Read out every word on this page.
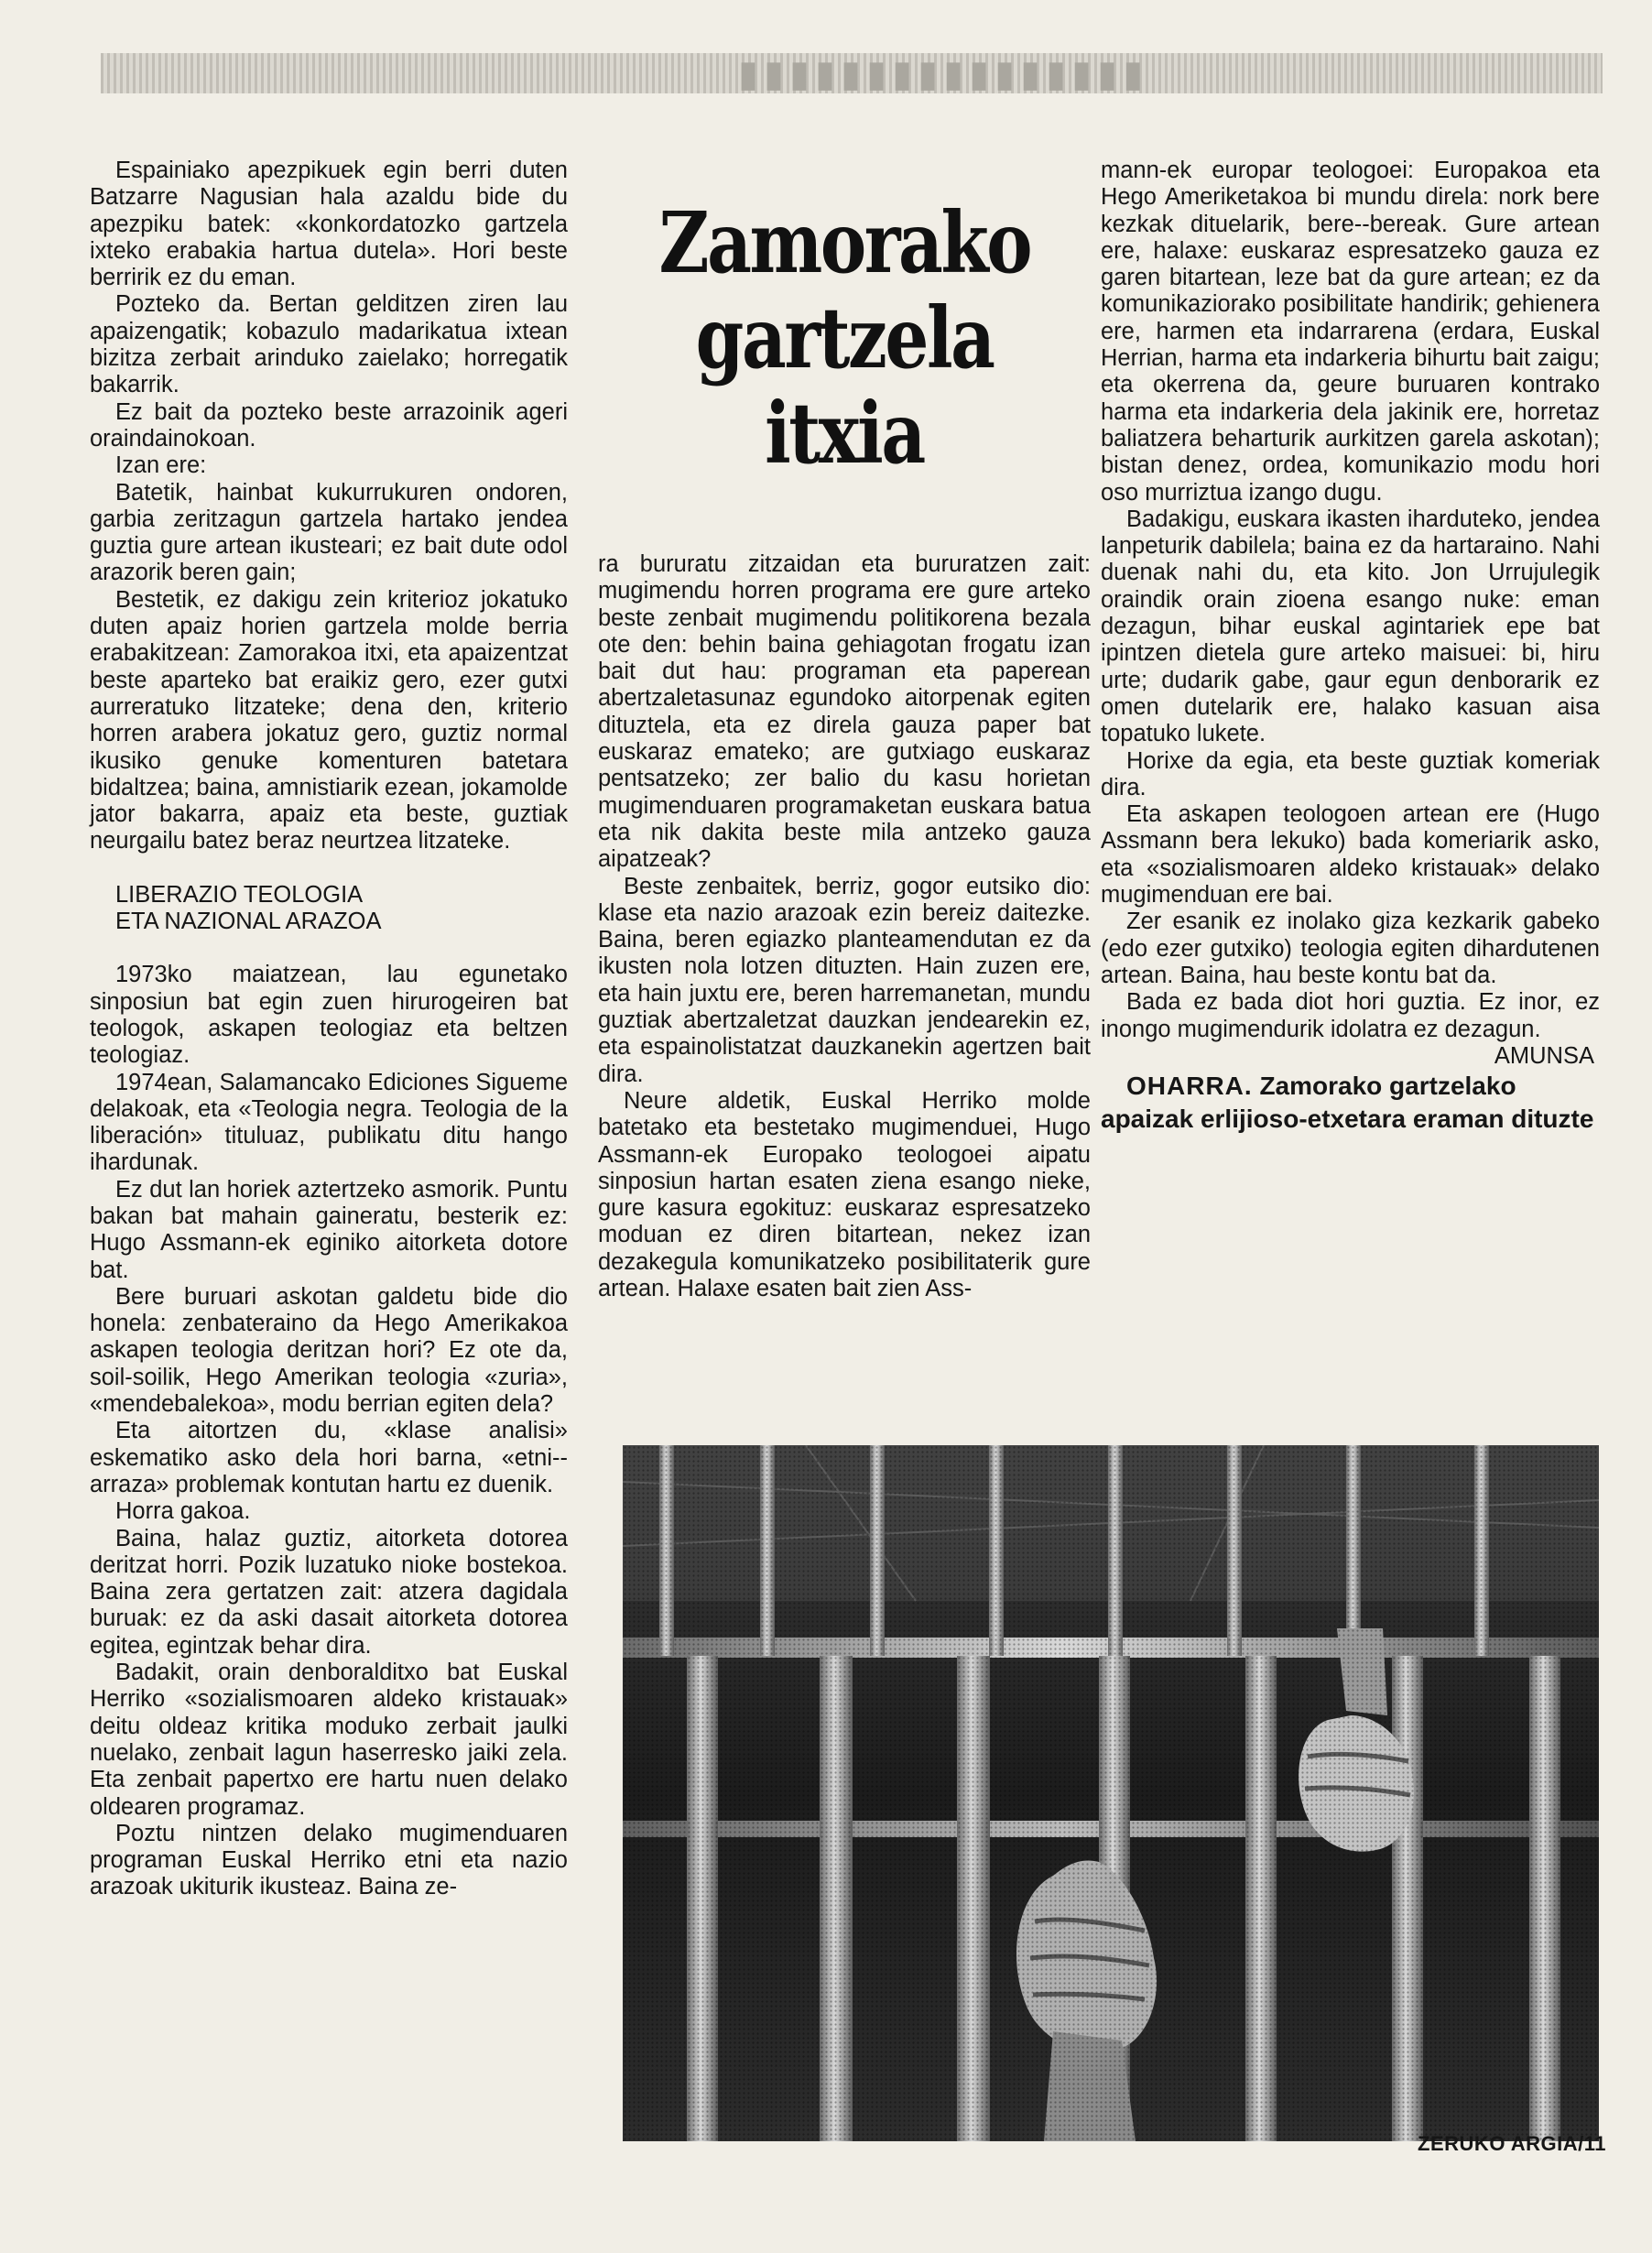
▮▮▮▮▮▮▮▮▮▮▮▮▮▮▮▮

Espainiako apezpikuek egin berri duten Batzarre Nagusian hala azaldu bide du apezpiku batek: «konkordatozko gartzela ixteko erabakia hartua dutela». Hori beste berririk ez du eman.

Pozteko da. Bertan gelditzen ziren lau apaizengatik; kobazulo madarikatua ixtean bizitza zerbait arinduko zaielako; horregatik bakarrik.

Ez bait da pozteko beste arrazoinik ageri oraindainokoan.

Izan ere:

Batetik, hainbat kukurrukuren ondoren, garbia zeritzagun gartzela hartako jendea guztia gure artean ikusteari; ez bait dute odol arazorik beren gain;

Bestetik, ez dakigu zein kriterioz jokatuko duten apaiz horien gartzela molde berria erabakitzean: Zamorakoa itxi, eta apaizentzat beste aparteko bat eraikiz gero, ezer gutxi aurreratuko litzateke; dena den, kriterio horren arabera jokatuz gero, guztiz normal ikusiko genuke komenturen batetara bidaltzea; baina, amnistiarik ezean, jokamolde jator bakarra, apaiz eta beste, guztiak neurgailu batez beraz neurtzea litzateke.

LIBERAZIO TEOLOGIA

ETA NAZIONAL ARAZOA

1973ko maiatzean, lau egunetako sinposiun bat egin zuen hirurogeiren bat teologok, askapen teologiaz eta beltzen teologiaz.

1974ean, Salamancako Ediciones Sigueme delakoak, eta «Teologia negra. Teologia de la liberación» tituluaz, publikatu ditu hango ihardunak.

Ez dut lan horiek aztertzeko asmorik. Puntu bakan bat mahain gaineratu, besterik ez: Hugo Assmann-ek eginiko aitorketa dotore bat.

Bere buruari askotan galdetu bide dio honela: zenbateraino da Hego Amerikakoa askapen teologia deritzan hori? Ez ote da, soil-soilik, Hego Amerikan teologia «zuria», «mendebalekoa», modu berrian egiten dela?

Eta aitortzen du, «klase analisi» eskematiko asko dela hori barna, «etni--arraza» problemak kontutan hartu ez duenik.

Horra gakoa.

Baina, halaz guztiz, aitorketa dotorea deritzat horri. Pozik luzatuko nioke bostekoa. Baina zera gertatzen zait: atzera dagidala buruak: ez da aski dasait aitorketa dotorea egitea, egintzak behar dira.

Badakit, orain denboralditxo bat Euskal Herriko «sozialismoaren aldeko kristauak» deitu oldeaz kritika moduko zerbait jaulki nuelako, zenbait lagun haserresko jaiki zela. Eta zenbait papertxo ere hartu nuen delako oldearen programaz.

Poztu nintzen delako mugimenduaren programan Euskal Herriko etni eta nazio arazoak ukiturik ikusteaz. Baina ze-

Zamorako
gartzela
itxia

ra bururatu zitzaidan eta bururatzen zait: mugimendu horren programa ere gure arteko beste zenbait mugimendu politikorena bezala ote den: behin baina gehiagotan frogatu izan bait dut hau: programan eta paperean abertzaletasunaz egundoko aitorpenak egiten dituztela, eta ez direla gauza paper bat euskaraz emateko; are gutxiago euskaraz pentsatzeko; zer balio du kasu horietan mugimenduaren programaketan euskara batua eta nik dakita beste mila antzeko gauza aipatzeak?

Beste zenbaitek, berriz, gogor eutsiko dio: klase eta nazio arazoak ezin bereiz daitezke. Baina, beren egiazko planteamendutan ez da ikusten nola lotzen dituzten. Hain zuzen ere, eta hain juxtu ere, beren harremanetan, mundu guztiak abertzaletzat dauzkan jendearekin ez, eta espainolistatzat dauzkanekin agertzen bait dira.

Neure aldetik, Euskal Herriko molde batetako eta bestetako mugimenduei, Hugo Assmann-ek Europako teologoei aipatu sinposiun hartan esaten ziena esango nieke, gure kasura egokituz: euskaraz espresatzeko moduan ez diren bitartean, nekez izan dezakegula komunikatzeko posibilitaterik gure artean. Halaxe esaten bait zien Ass-

mann-ek europar teologoei: Europakoa eta Hego Ameriketakoa bi mundu direla: nork bere kezkak dituelarik, bere--bereak. Gure artean ere, halaxe: euskaraz espresatzeko gauza ez garen bitartean, leze bat da gure artean; ez da komunikaziorako posibilitate handirik; gehienera ere, harmen eta indarrarena (erdara, Euskal Herrian, harma eta indarkeria bihurtu bait zaigu; eta okerrena da, geure buruaren kontrako harma eta indarkeria dela jakinik ere, horretaz baliatzera beharturik aurkitzen garela askotan); bistan denez, ordea, komunikazio modu hori oso murriztua izango dugu.

Badakigu, euskara ikasten ihardutеko, jendea lanpeturik dabilela; baina ez da hartaraino. Nahi duenak nahi du, eta kito. Jon Urrujulegik oraindik orain zioena esango nuke: eman dezagun, bihar euskal agintariek epe bat ipintzen dietela gure arteko maisuei: bi, hiru urte; dudarik gabe, gaur egun denborarik ez omen dutelarik ere, halako kasuan aisa topatuko lukete.

Horixe da egia, eta beste guztiak komeriak dira.

Eta askapen teologoen artean ere (Hugo Assmann bera lekuko) bada komeriarik asko, eta «sozialismoaren aldeko kristauak» delako mugimenduan ere bai.

Zer esanik ez inolako giza kezkarik gabeko (edo ezer gutxiko) teologia egiten dihardutenen artean. Baina, hau beste kontu bat da.

Bada ez bada diot hori guztia. Ez inor, ez inongo mugimendurik idolatra ez dezagun.

AMUNSA

OHARRA. Zamorako gartzelako apaizak erlijioso-etxetara eraman dituzte

ZERUKO ARGIA/11
